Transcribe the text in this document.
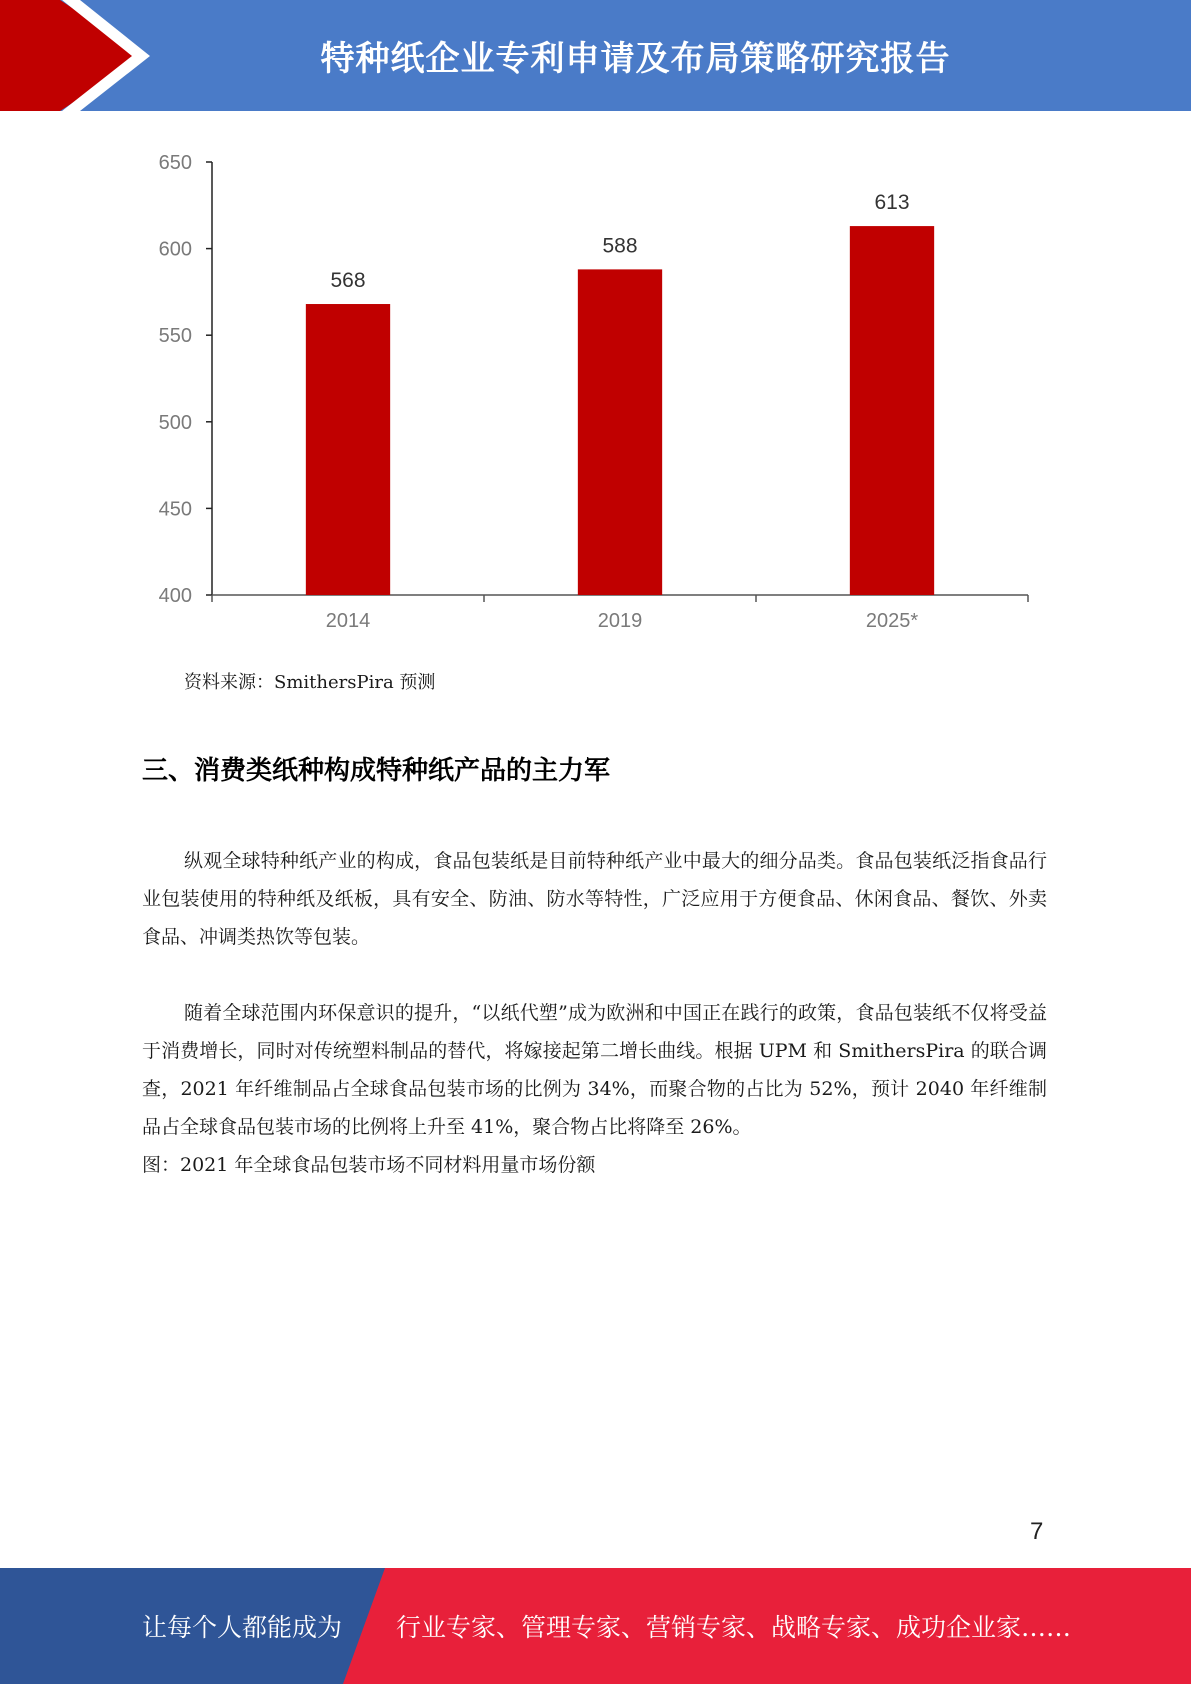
特种纸企业专利申请及布局策略研究报告
400
450
500
550
600
650
568
2014
588
2019
613
2025*
资料来源：SmithersPira 预测
三、消费类纸种构成特种纸产品的主力军

纵观全球特种纸产业的构成，食品包装纸是目前特种纸产业中最大的细分品类。食品包装纸泛指食品行业包装使用的特种纸及纸板，具有安全、防油、防水等特性，广泛应用于方便食品、休闲食品、餐饮、外卖食品、冲调类热饮等包装。

随着全球范围内环保意识的提升，“以纸代塑”成为欧洲和中国正在践行的政策，食品包装纸不仅将受益于消费增长，同时对传统塑料制品的替代，将嫁接起第二增长曲线。根据 UPM 和 SmithersPira 的联合调查，2021 年纤维制品占全球食品包装市场的比例为 34%，而聚合物的占比为 52%，预计 2040 年纤维制品占全球食品包装市场的比例将上升至 41%，聚合物占比将降至 26%。

图：2021 年全球食品包装市场不同材料用量市场份额
7
让每个人都能成为 行业专家、管理专家、营销专家、战略专家、成功企业家……
